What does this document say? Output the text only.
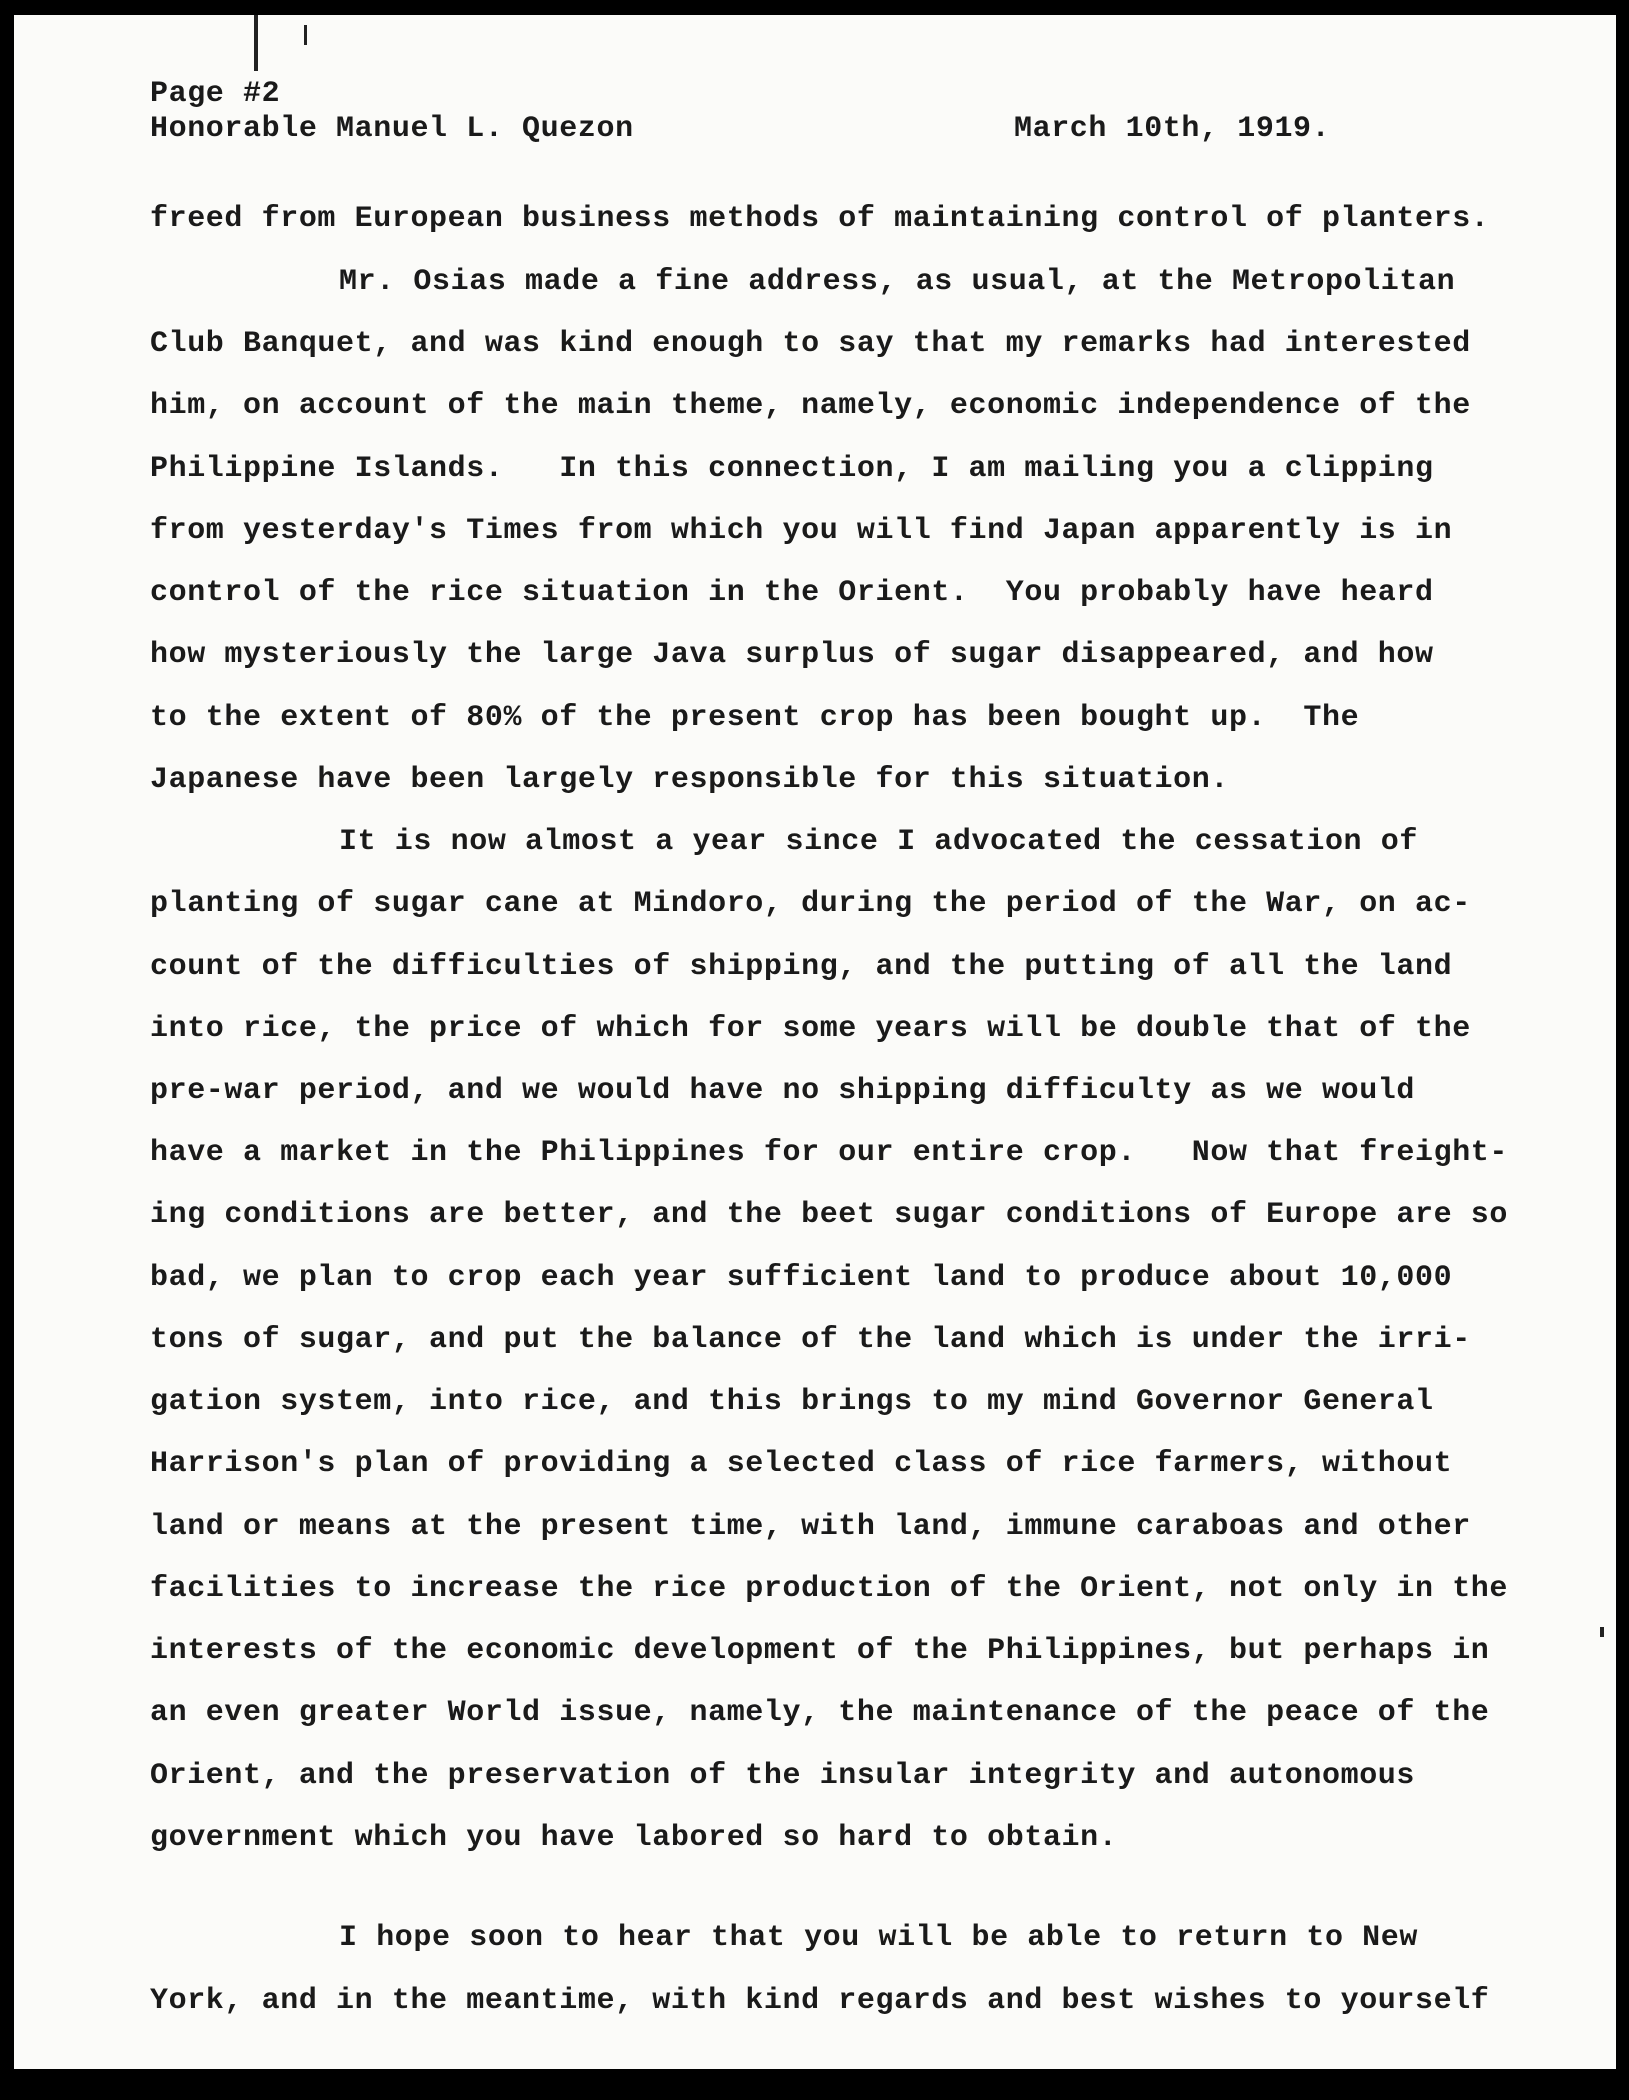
Page #2
Honorable Manuel L. Quezon	March 10th, 1919.
freed from European business methods of maintaining control of planters.
Mr. Osias made a fine address, as usual, at the Metropolitan
Club Banquet, and was kind enough to say that my remarks had interested
him, on account of the main theme, namely, economic independence of the
Philippine Islands.   In this connection, I am mailing you a clipping
from yesterday's Times from which you will find Japan apparently is in
control of the rice situation in the Orient.  You probably have heard
how mysteriously the large Java surplus of sugar disappeared, and how
to the extent of 80% of the present crop has been bought up.  The
Japanese have been largely responsible for this situation.
It is now almost a year since I advocated the cessation of
planting of sugar cane at Mindoro, during the period of the War, on ac-
count of the difficulties of shipping, and the putting of all the land
into rice, the price of which for some years will be double that of the
pre-war period, and we would have no shipping difficulty as we would
have a market in the Philippines for our entire crop.   Now that freight-
ing conditions are better, and the beet sugar conditions of Europe are so
bad, we plan to crop each year sufficient land to produce about 10,000
tons of sugar, and put the balance of the land which is under the irri-
gation system, into rice, and this brings to my mind Governor General
Harrison's plan of providing a selected class of rice farmers, without
land or means at the present time, with land, immune caraboas and other
facilities to increase the rice production of the Orient, not only in the
interests of the economic development of the Philippines, but perhaps in
an even greater World issue, namely, the maintenance of the peace of the
Orient, and the preservation of the insular integrity and autonomous
government which you have labored so hard to obtain.
I hope soon to hear that you will be able to return to New
York, and in the meantime, with kind regards and best wishes to yourself
